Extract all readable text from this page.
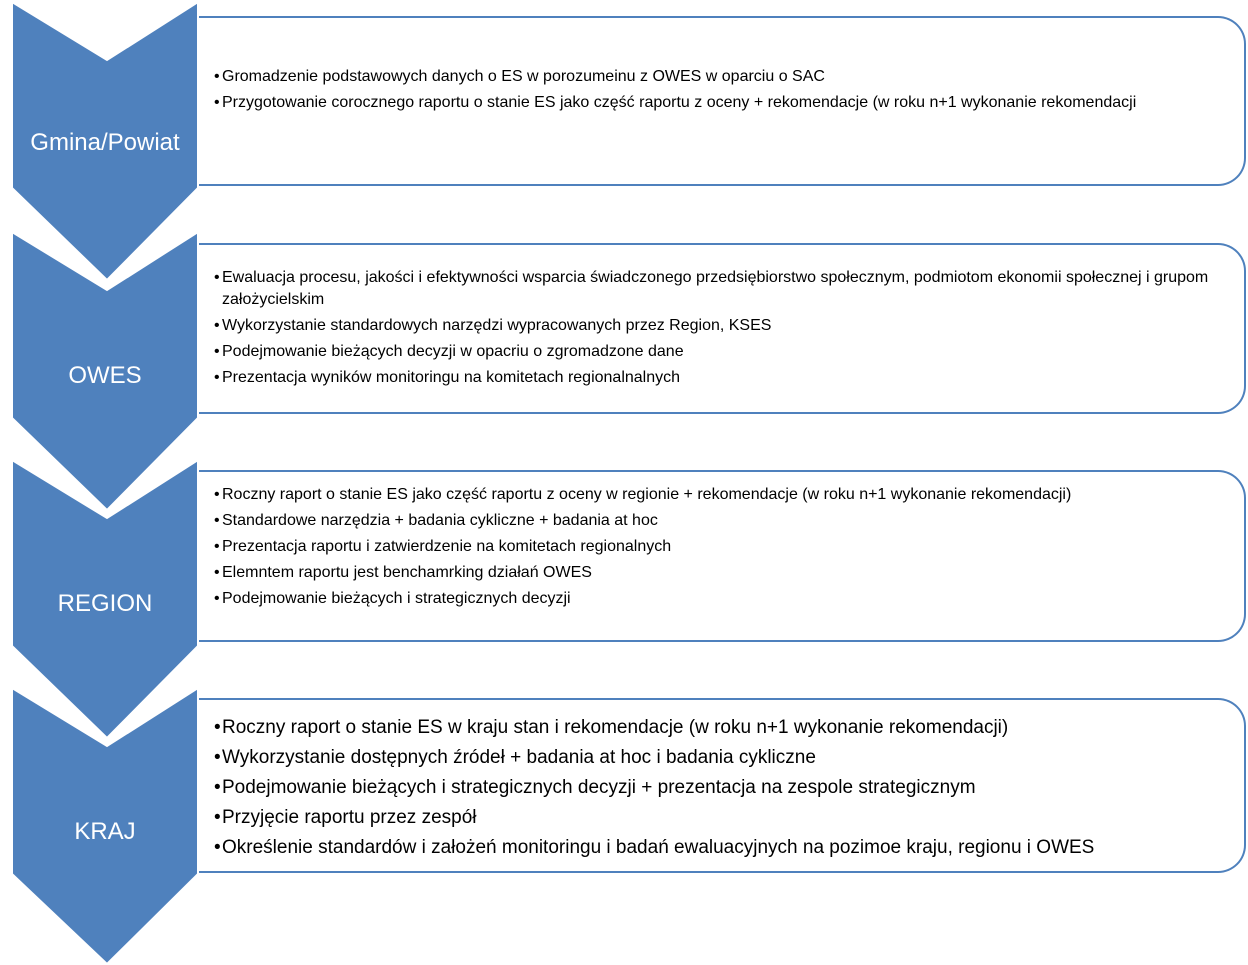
• Gromadzenie podstawowych danych o ES w porozumeinu z OWES w oparciu o SAC
• Przygotowanie corocznego raportu o stanie ES jako część raportu z oceny + rekomendacje (w roku n+1 wykonanie rekomendacji
Gmina/Powiat
• Ewaluacja procesu, jakości i efektywności wsparcia świadczonego przedsiębiorstwo społecznym, podmiotom ekonomii społecznej i grupom założycielskim
• Wykorzystanie standardowych narzędzi wypracowanych przez Region, KSES
• Podejmowanie bieżących decyzji w opacriu o zgromadzone dane
• Prezentacja wyników monitoringu na komitetach regionalnalnych
OWES
• Roczny raport o stanie ES jako część raportu z oceny w regionie + rekomendacje (w roku n+1 wykonanie rekomendacji)
• Standardowe narzędzia + badania cykliczne + badania at hoc
• Prezentacja raportu i zatwierdzenie na komitetach regionalnych
• Elemntem raportu jest benchamrking działań OWES
• Podejmowanie bieżących i strategicznych decyzji
REGION
• Roczny raport o stanie ES w kraju stan i rekomendacje (w roku n+1 wykonanie rekomendacji)
• Wykorzystanie dostępnych źródeł + badania at hoc i badania cykliczne
• Podejmowanie bieżących i strategicznych decyzji + prezentacja na zespole strategicznym
• Przyjęcie raportu przez zespół
• Określenie standardów i założeń monitoringu i badań ewaluacyjnych na pozimoe kraju, regionu i OWES
KRAJ
